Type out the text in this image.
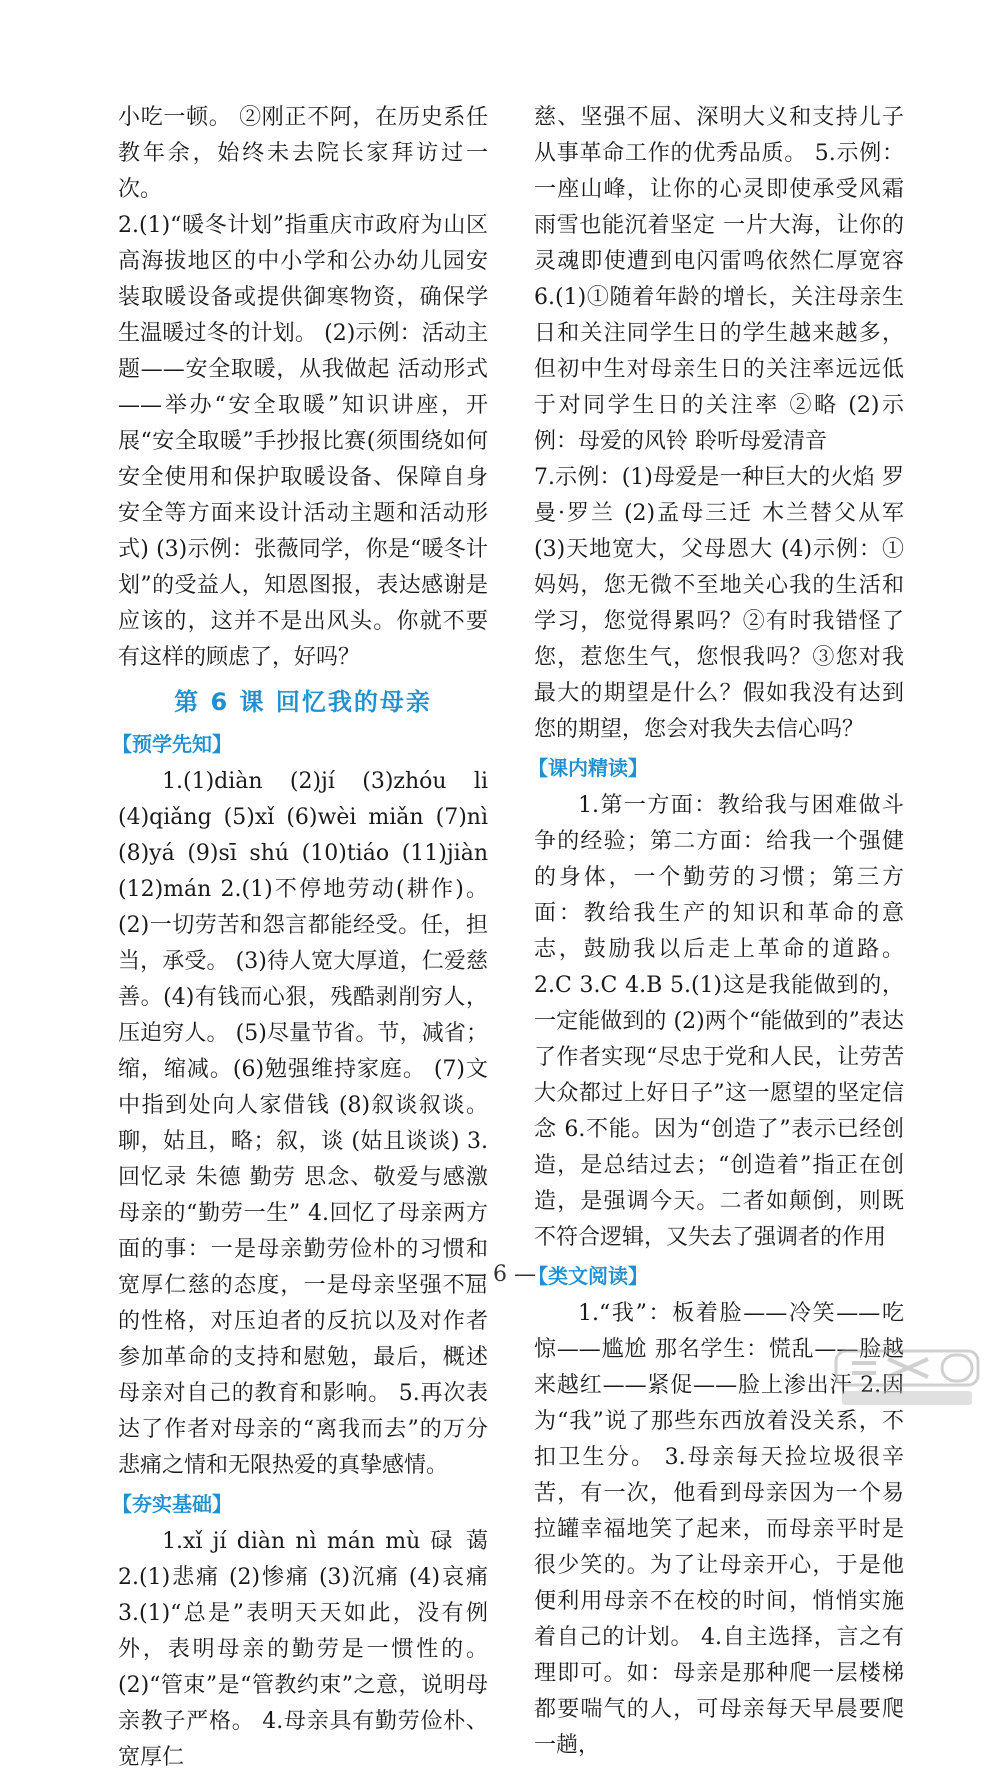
小吃一顿。 ②刚正不阿，在历史系任教年余，始终未去院长家拜访过一次。

2.(1)“暖冬计划”指重庆市政府为山区高海拔地区的中小学和公办幼儿园安装取暖设备或提供御寒物资，确保学生温暖过冬的计划。 (2)示例：活动主题——安全取暖，从我做起 活动形式——举办“安全取暖”知识讲座，开展“安全取暖”手抄报比赛(须围绕如何安全使用和保护取暖设备、保障自身安全等方面来设计活动主题和活动形式) (3)示例：张薇同学，你是“暖冬计划”的受益人，知恩图报，表达感谢是应该的，这并不是出风头。你就不要有这样的顾虑了，好吗？

第 6 课 回忆我的母亲
【预学先知】

1.(1)diàn (2)jí (3)zhóu li (4)qiǎng (5)xǐ (6)wèi miǎn (7)nì (8)yá (9)sī shú (10)tiáo (11)jiàn (12)mán 2.(1)不停地劳动(耕作)。(2)一切劳苦和怨言都能经受。任，担当，承受。 (3)待人宽大厚道，仁爱慈善。(4)有钱而心狠，残酷剥削穷人，压迫穷人。 (5)尽量节省。节，减省；缩，缩减。(6)勉强维持家庭。 (7)文中指到处向人家借钱 (8)叙谈叙谈。聊，姑且，略；叙，谈 (姑且谈谈) 3.回忆录 朱德 勤劳 思念、敬爱与感激 母亲的“勤劳一生” 4.回忆了母亲两方面的事：一是母亲勤劳俭朴的习惯和宽厚仁慈的态度，一是母亲坚强不屈的性格，对压迫者的反抗以及对作者参加革命的支持和慰勉，最后，概述母亲对自己的教育和影响。 5.再次表达了作者对母亲的“离我而去”的万分悲痛之情和无限热爱的真挚感情。

【夯实基础】

1.xǐ jí diàn nì mán mù 碌 蔼 2.(1)悲痛 (2)惨痛 (3)沉痛 (4)哀痛 3.(1)“总是”表明天天如此，没有例外，表明母亲的勤劳是一惯性的。(2)“管束”是“管教约束”之意，说明母亲教子严格。 4.母亲具有勤劳俭朴、宽厚仁

慈、坚强不屈、深明大义和支持儿子从事革命工作的优秀品质。 5.示例：一座山峰，让你的心灵即使承受风霜雨雪也能沉着坚定 一片大海，让你的灵魂即使遭到电闪雷鸣依然仁厚宽容 6.(1)①随着年龄的增长，关注母亲生日和关注同学生日的学生越来越多，但初中生对母亲生日的关注率远远低于对同学生日的关注率 ②略 (2)示例：母爱的风铃 聆听母爱清音

7.示例：(1)母爱是一种巨大的火焰 罗曼·罗兰 (2)孟母三迁 木兰替父从军 (3)天地宽大，父母恩大 (4)示例：①妈妈，您无微不至地关心我的生活和学习，您觉得累吗？②有时我错怪了您，惹您生气，您恨我吗？③您对我最大的期望是什么？假如我没有达到您的期望，您会对我失去信心吗？

【课内精读】

1.第一方面：教给我与困难做斗争的经验；第二方面：给我一个强健的身体，一个勤劳的习惯；第三方面：教给我生产的知识和革命的意志，鼓励我以后走上革命的道路。 2.C 3.C 4.B 5.(1)这是我能做到的，一定能做到的 (2)两个“能做到的”表达了作者实现“尽忠于党和人民，让劳苦大众都过上好日子”这一愿望的坚定信念 6.不能。因为“创造了”表示已经创造，是总结过去；“创造着”指正在创造，是强调今天。二者如颠倒，则既不符合逻辑，又失去了强调者的作用

【类文阅读】

1.“我”：板着脸——冷笑——吃惊——尴尬 那名学生：慌乱——脸越来越红——紧促——脸上渗出汗 2.因为“我”说了那些东西放着没关系，不扣卫生分。 3.母亲每天捡垃圾很辛苦，有一次，他看到母亲因为一个易拉罐幸福地笑了起来，而母亲平时是很少笑的。为了让母亲开心，于是他便利用母亲不在校的时间，悄悄实施着自己的计划。 4.自主选择，言之有理即可。如：母亲是那种爬一层楼梯都要喘气的人，可母亲每天早晨要爬一趟，

— 6 —
